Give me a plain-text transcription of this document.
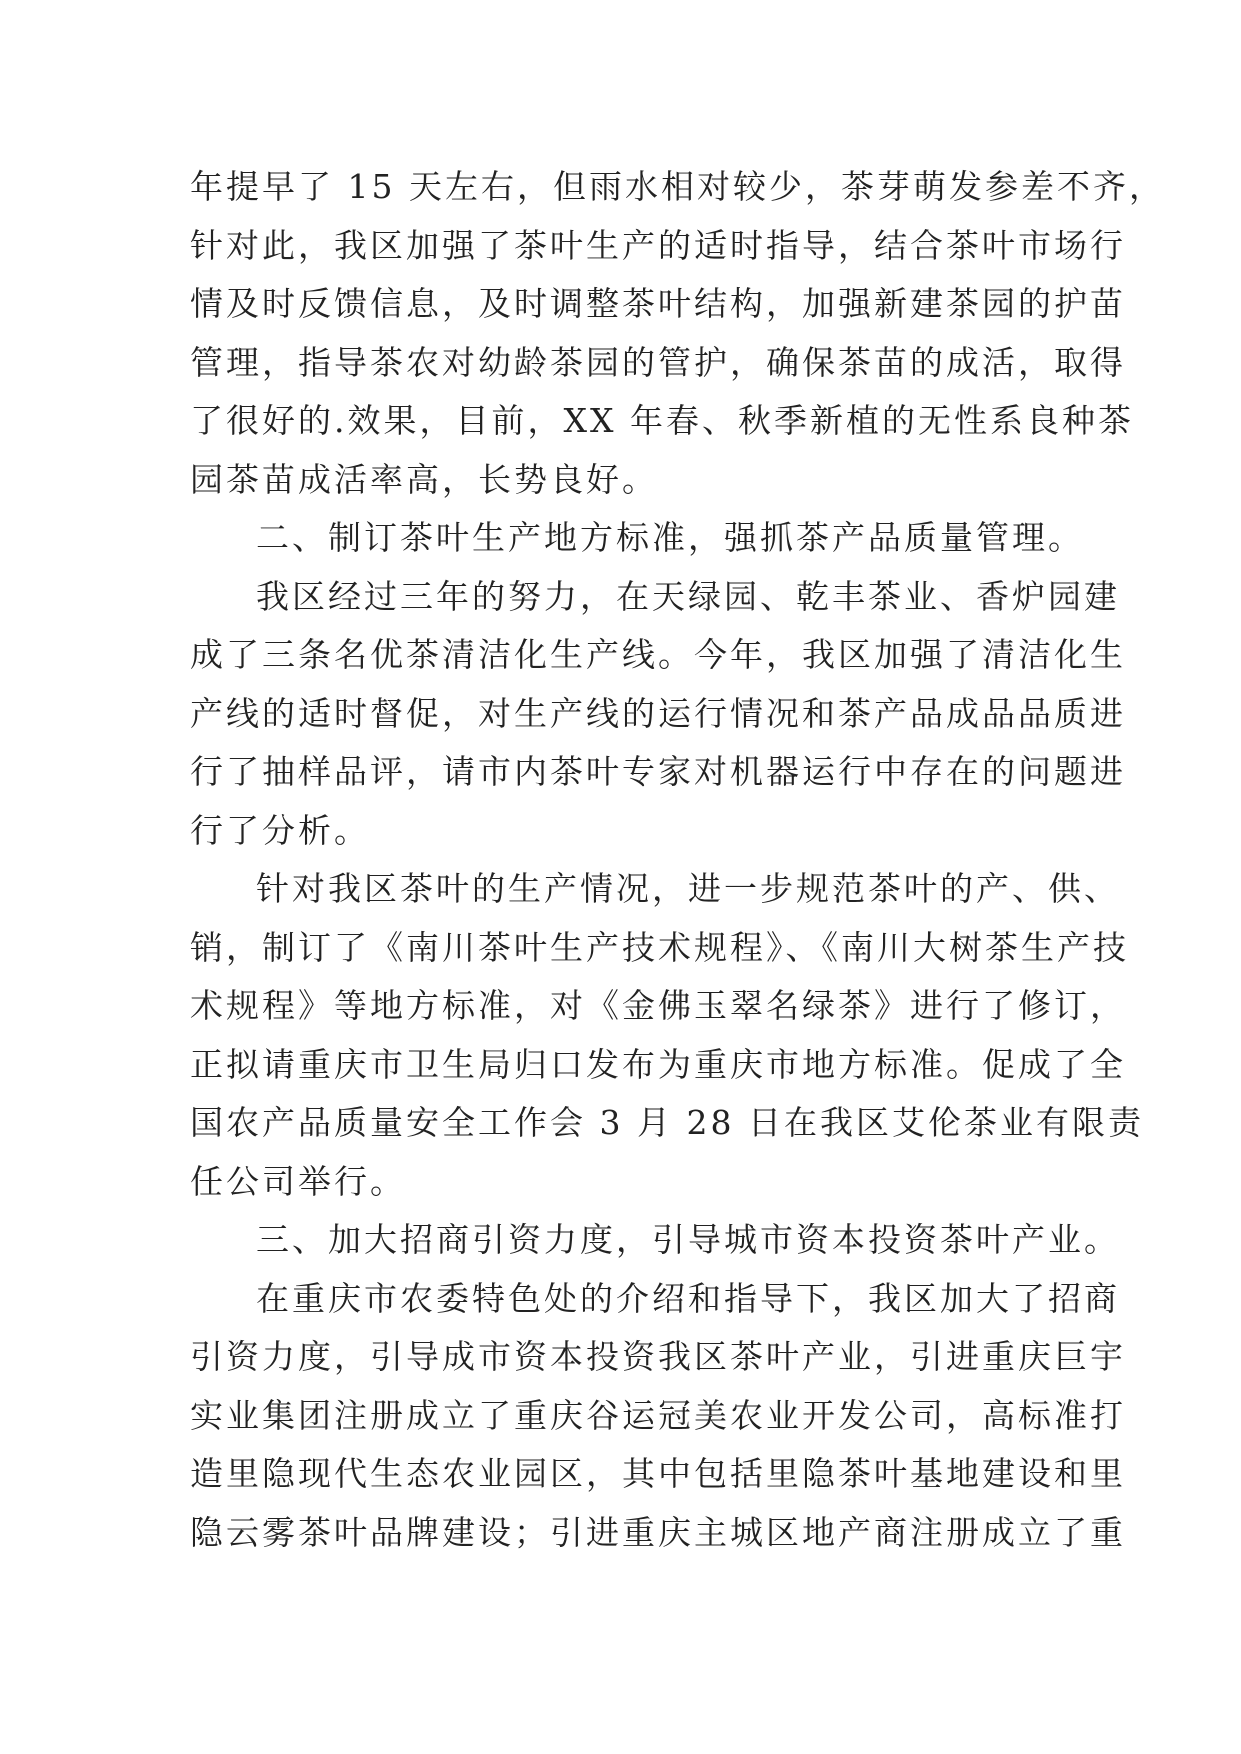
年提早了 15 天左右，但雨水相对较少，茶芽萌发参差不齐，
针对此，我区加强了茶叶生产的适时指导，结合茶叶市场行
情及时反馈信息，及时调整茶叶结构，加强新建茶园的护苗
管理，指导茶农对幼龄茶园的管护，确保茶苗的成活，取得
了很好的.效果，目前，XX 年春、秋季新植的无性系良种茶
园茶苗成活率高，长势良好。
二、制订茶叶生产地方标准，强抓茶产品质量管理。
我区经过三年的努力，在天绿园、乾丰茶业、香炉园建
成了三条名优茶清洁化生产线。今年，我区加强了清洁化生
产线的适时督促，对生产线的运行情况和茶产品成品品质进
行了抽样品评，请市内茶叶专家对机器运行中存在的问题进
行了分析。
针对我区茶叶的生产情况，进一步规范茶叶的产、供、
销，制订了《南川茶叶生产技术规程》、《南川大树茶生产技
术规程》等地方标准，对《金佛玉翠名绿茶》进行了修订，
正拟请重庆市卫生局归口发布为重庆市地方标准。促成了全
国农产品质量安全工作会 3 月 28 日在我区艾伦茶业有限责
任公司举行。
三、加大招商引资力度，引导城市资本投资茶叶产业。
在重庆市农委特色处的介绍和指导下，我区加大了招商
引资力度，引导成市资本投资我区茶叶产业，引进重庆巨宇
实业集团注册成立了重庆谷运冠美农业开发公司，高标准打
造里隐现代生态农业园区，其中包括里隐茶叶基地建设和里
隐云雾茶叶品牌建设；引进重庆主城区地产商注册成立了重
